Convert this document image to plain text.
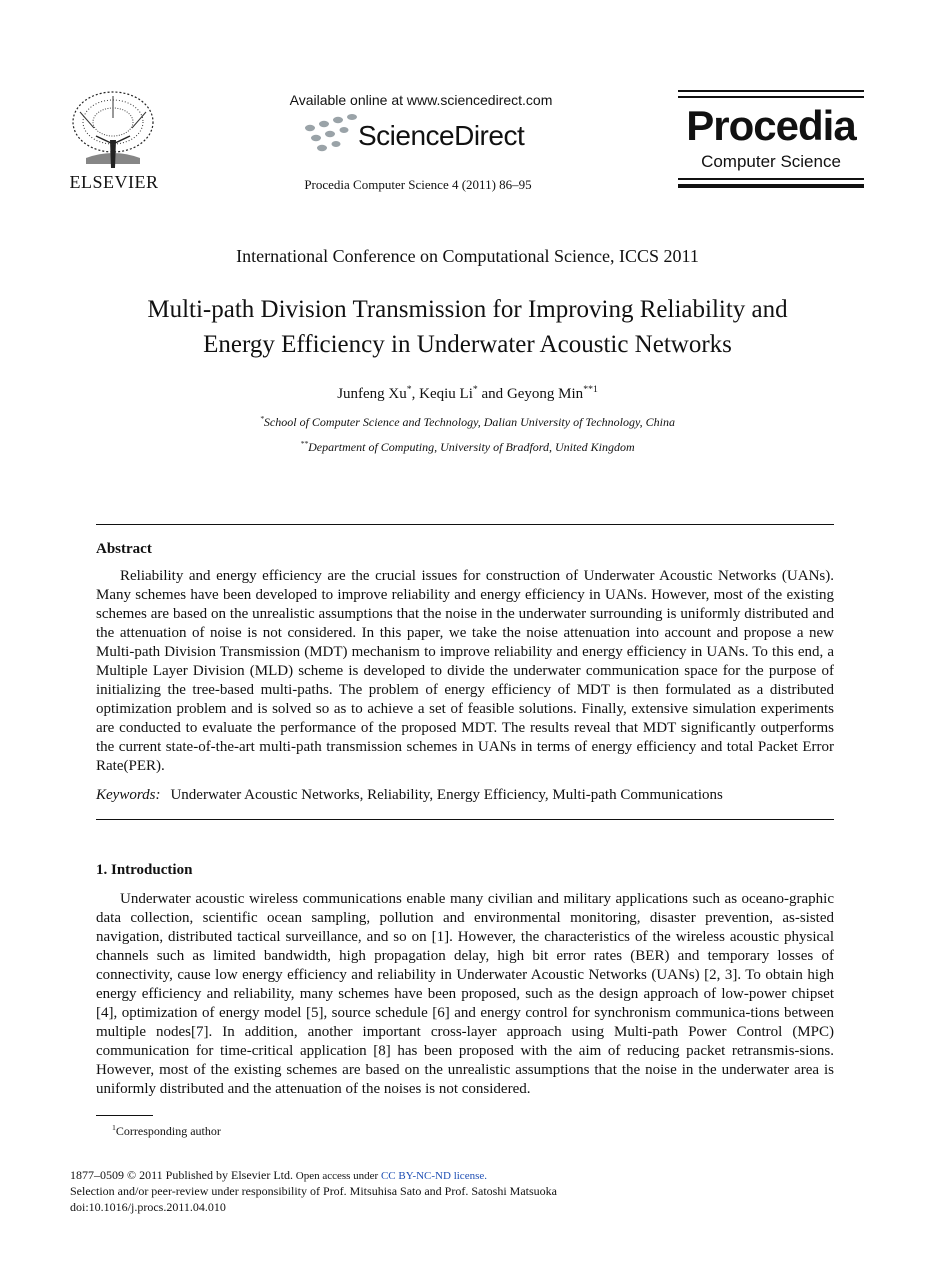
ELSEVIER
Available online at www.sciencedirect.com
ScienceDirect
Procedia Computer Science 4 (2011) 86–95
Procedia
Computer Science
International Conference on Computational Science, ICCS 2011
Multi-path Division Transmission for Improving Reliability and
Energy Efficiency in Underwater Acoustic Networks
Junfeng Xu*, Keqiu Li* and Geyong Min$^{**1}$
*School of Computer Science and Technology, Dalian University of Technology, China
**Department of Computing, University of Bradford, United Kingdom
Abstract

Reliability and energy efficiency are the crucial issues for construction of Underwater Acoustic Networks (UANs). Many schemes have been developed to improve reliability and energy efficiency in UANs. However, most of the existing schemes are based on the unrealistic assumptions that the noise in the underwater surrounding is uniformly distributed and the attenuation of noise is not considered. In this paper, we take the noise attenuation into account and propose a new Multi-path Division Transmission (MDT) mechanism to improve reliability and energy efficiency in UANs. To this end, a Multiple Layer Division (MLD) scheme is developed to divide the underwater communication space for the purpose of initializing the tree-based multi-paths. The problem of energy efficiency of MDT is then formulated as a distributed optimization problem and is solved so as to achieve a set of feasible solutions. Finally, extensive simulation experiments are conducted to evaluate the performance of the proposed MDT. The results reveal that MDT significantly outperforms the current state-of-the-art multi-path transmission schemes in UANs in terms of energy efficiency and total Packet Error Rate(PER).

Keywords: Underwater Acoustic Networks, Reliability, Energy Efficiency, Multi-path Communications
1. Introduction

Underwater acoustic wireless communications enable many civilian and military applications such as oceano-graphic data collection, scientific ocean sampling, pollution and environmental monitoring, disaster prevention, as-sisted navigation, distributed tactical surveillance, and so on [1]. However, the characteristics of the wireless acoustic physical channels such as limited bandwidth, high propagation delay, high bit error rates (BER) and temporary losses of connectivity, cause low energy efficiency and reliability in Underwater Acoustic Networks (UANs) [2, 3]. To obtain high energy efficiency and reliability, many schemes have been proposed, such as the design approach of low-power chipset [4], optimization of energy model [5], source schedule [6] and energy control for synchronism communica-tions between multiple nodes[7]. In addition, another important cross-layer approach using Multi-path Power Control (MPC) communication for time-critical application [8] has been proposed with the aim of reducing packet retransmis-sions. However, most of the existing schemes are based on the unrealistic assumptions that the noise in the underwater area is uniformly distributed and the attenuation of the noises is not considered.

$^1$Corresponding author
1877–0509 © 2011 Published by Elsevier Ltd. Open access under CC BY-NC-ND license.
Selection and/or peer-review under responsibility of Prof. Mitsuhisa Sato and Prof. Satoshi Matsuoka
doi:10.1016/j.procs.2011.04.010
